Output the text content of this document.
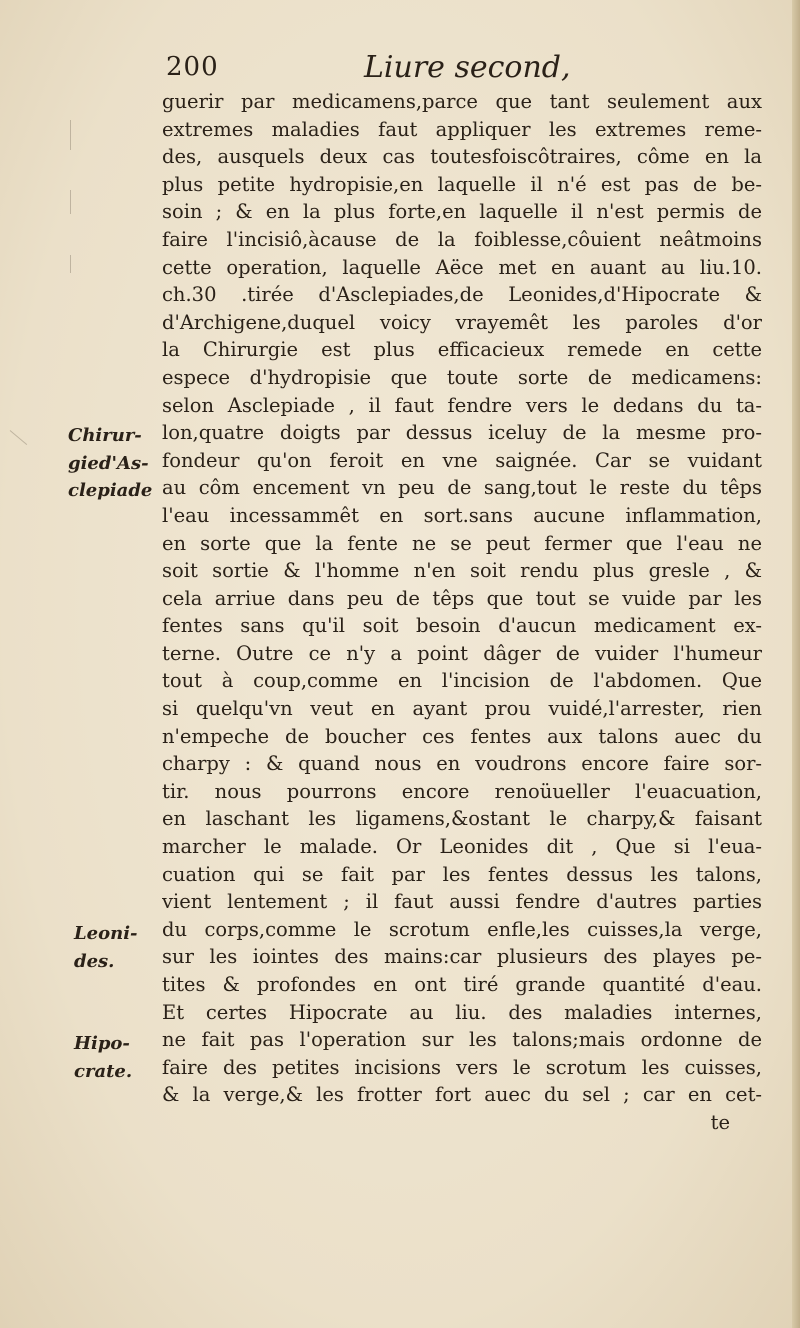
200	Liure second,
Chirur-
gied'As-
clepiade
Leoni-
des.
Hipo-
crate.
guerir par medicamens,parce que tant seulement aux
extremes maladies faut appliquer les extremes reme-
des, ausquels deux cas toutesfoiscôtraires, côme en la
plus petite hydropisie,en laquelle il n'é est pas de be-
soin ; & en la plus forte,en laquelle il n'est permis de
faire l'incisiô,àcause de la foiblesse,côuient neâtmoins
cette operation, laquelle Aëce met en auant au liu.10.
ch.30 .tirée d'Asclepiades,de Leonides,d'Hipocrate &
d'Archigene,duquel voicy vrayemêt les paroles d'or
la Chirurgie est plus efficacieux remede en cette
espece d'hydropisie que toute sorte de medicamens:
selon Asclepiade , il faut fendre vers le dedans du ta-
lon,quatre doigts par dessus iceluy de la mesme pro-
fondeur qu'on feroit en vne saignée. Car se vuidant
au côm encement vn peu de sang,tout le reste du têps
l'eau incessammêt en sort.sans aucune inflammation,
en sorte que la fente ne se peut fermer que l'eau ne
soit sortie & l'homme n'en soit rendu plus gresle , &
cela arriue dans peu de têps que tout se vuide par les
fentes sans qu'il soit besoin d'aucun medicament ex-
terne. Outre ce n'y a point dâger de vuider l'humeur
tout à coup,comme en l'incision de l'abdomen. Que
si quelqu'vn veut en ayant prou vuidé,l'arrester, rien
n'empeche de boucher ces fentes aux talons auec du
charpy : & quand nous en voudrons encore faire sor-
tir. nous pourrons encore renoüueller l'euacuation,
en laschant les ligamens,&ostant le charpy,& faisant
marcher le malade. Or Leonides dit , Que si l'eua-
cuation qui se fait par les fentes dessus les talons,
vient lentement ; il faut aussi fendre d'autres parties
du corps,comme le scrotum enfle,les cuisses,la verge,
sur les iointes des mains:car plusieurs des playes pe-
tites & profondes en ont tiré grande quantité d'eau.
Et certes Hipocrate au liu. des maladies internes,
ne fait pas l'operation sur les talons;mais ordonne de
faire des petites incisions vers le scrotum les cuisses,
& la verge,& les frotter fort auec du sel ; car en cet-
te
